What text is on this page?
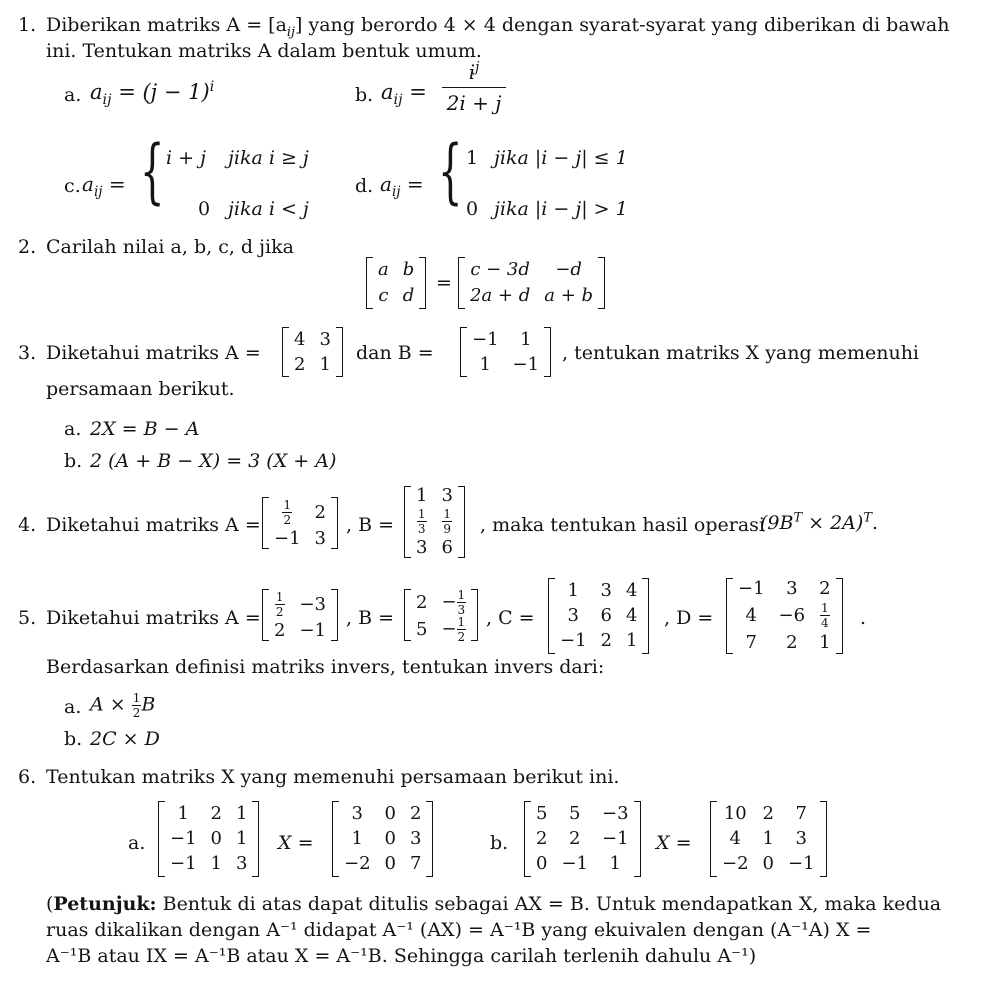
1. Diberikan matriks $A = [a_{ij}]$ yang berordo 4 × 4 dengan syarat-syarat yang diberikan di bawah
ini. Tentukan matriks A dalam bentuk umum.
a. $a_{ij} = (j - 1)^i$	b. $a_{ij}$ =
$i^j$
2i + j
c. $a_{ij}$ = { i + j jika i ≥ j
0 jika i < j
d. $a_{ij}$ = { 1 jika |i − j| ≤ 1
0 jika |i − j| > 1
2. Carilah nilai a, b, c, d jika
a	b
c	d
=
c − 3d	−d
2a + d	a + b
3. Diketahui matriks A =
4	3
2	1 dan B =
−1	1
1	−1 , tentukan matriks X yang memenuhi
persamaan berikut.
a. 2X = B − A
b. 2 (A + B − X) = 3 (X + A)
4. Diketahui matriks $A = \frac{1}{2}$	2
−1	3
, B =
1	3

$\frac{1}{3}$	$\frac{1}{9}$

3	6
, maka tentukan hasil operasi
$(9B^T \times 2A)^T$.
5. Diketahui matriks $A = \frac{1}{2}$	−3
2	−1
, B =
2	− $\frac{1}{3}$

5	− $\frac{1}{2}$ , C =
1	3	4
3	6	4
−1	2	1
, D =
−1	3	2
4	−6	$\frac{1}{4}$

7	2	1
.
Berdasarkan definisi matriks invers, tentukan invers dari:
a. $A \times \frac{1}{2}$ B
b. 2C × D
6. Tentukan matriks X yang memenuhi persamaan berikut ini.
a.
1	2	1
−1	0	1
−1	1	3
X =
3	0	2
1	0	3
−2	0	7
b.
5	5	−3
2	2	−1
0	−1	1
X =
10	2	7
4	1	3
−2	0	−1
(Petunjuk: Bentuk di atas dapat ditulis sebagai AX = B. Untuk mendapatkan X, maka kedua
ruas dikalikan dengan A⁻¹ didapat A⁻¹ (AX) = A⁻¹B yang ekuivalen dengan (A⁻¹A) X =
A⁻¹B atau IX = A⁻¹B atau X = A⁻¹B. Sehingga carilah terlenih dahulu A⁻¹)
